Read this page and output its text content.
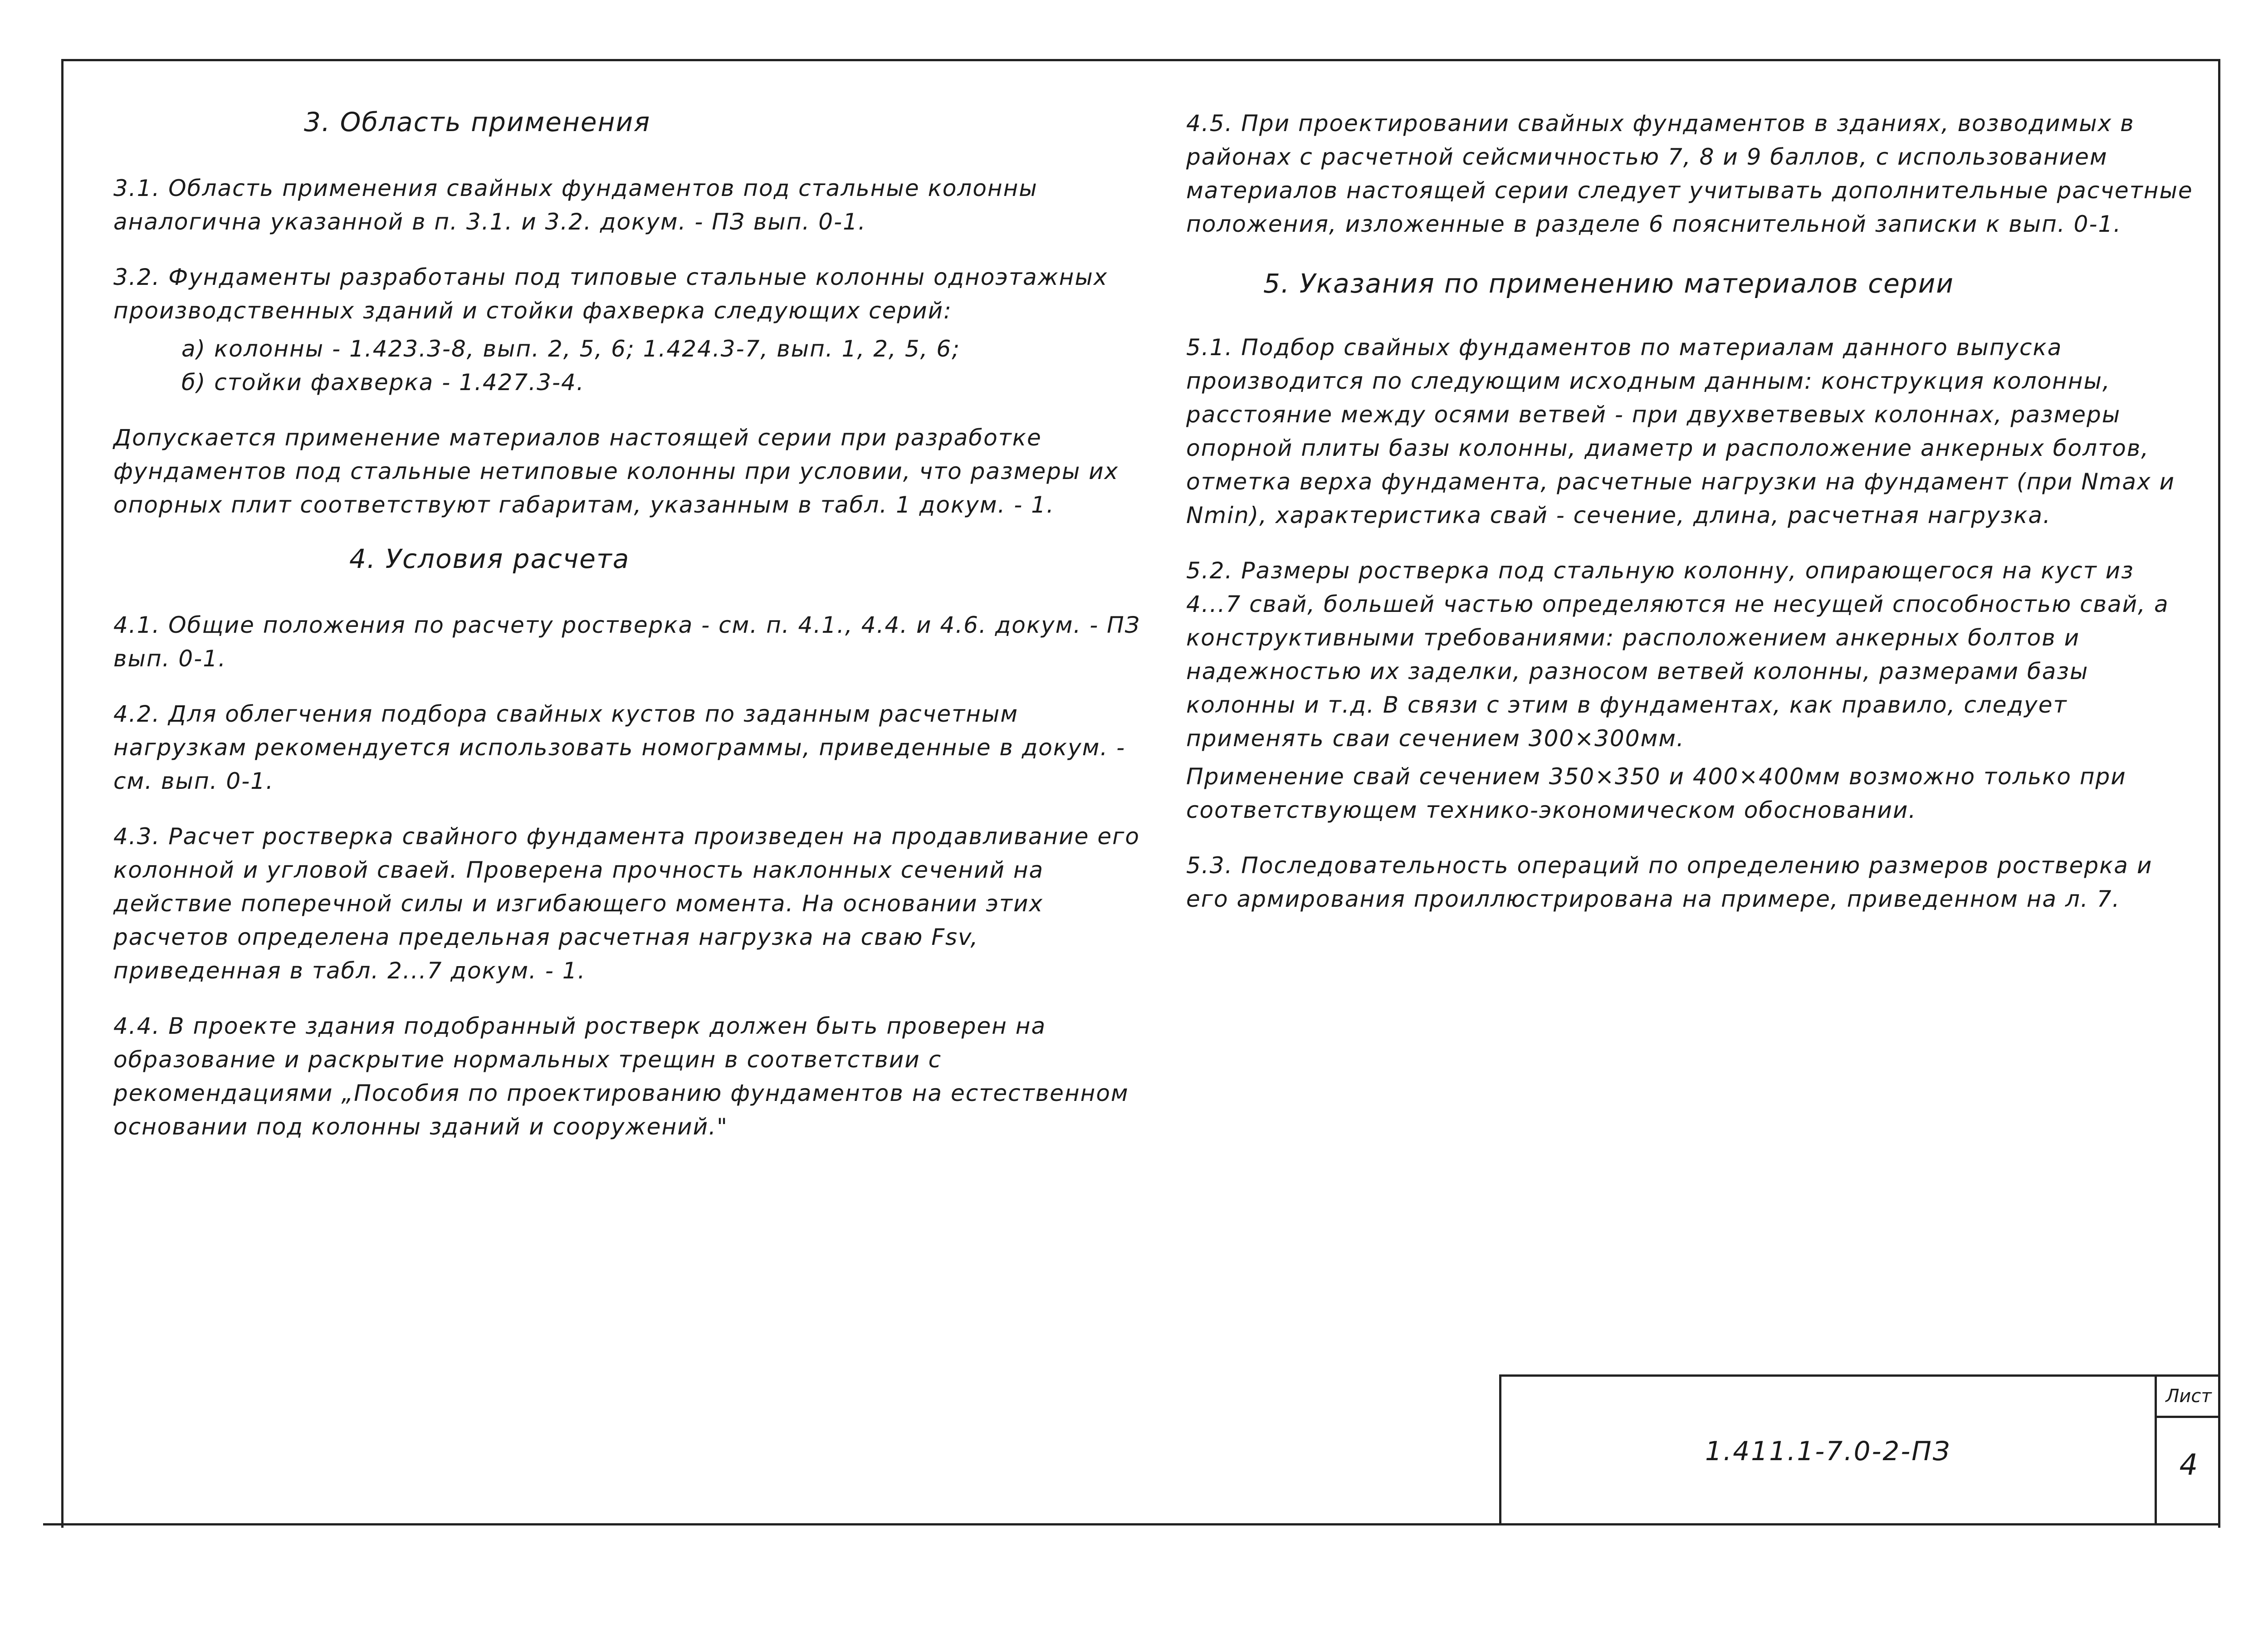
3. Область применения

3.1. Область применения свайных фундаментов под стальные колонны аналогична указанной в п. 3.1. и 3.2. докум. - ПЗ вып. 0-1.

3.2. Фундаменты разработаны под типовые стальные колонны одноэтажных производственных зданий и стойки фахверка следующих серий:

а) колонны - 1.423.3-8, вып. 2, 5, 6; 1.424.3-7, вып. 1, 2, 5, 6;

б) стойки фахверка - 1.427.3-4.

Допускается применение материалов настоящей серии при разработке фундаментов под стальные нетиповые колонны при условии, что размеры их опорных плит соответствуют габаритам, указанным в табл. 1 докум. - 1.

4. Условия расчета

4.1. Общие положения по расчету ростверка - см. п. 4.1., 4.4. и 4.6. докум. - ПЗ вып. 0-1.

4.2. Для облегчения подбора свайных кустов по заданным расчетным нагрузкам рекомендуется использовать номограммы, приведенные в докум. - см. вып. 0-1.

4.3. Расчет ростверка свайного фундамента произведен на продавливание его колонной и угловой сваей. Проверена прочность наклонных сечений на действие поперечной силы и изгибающего момента. На основании этих расчетов определена предельная расчетная нагрузка на сваю Fsv, приведенная в табл. 2...7 докум. - 1.

4.4. В проекте здания подобранный ростверк должен быть проверен на образование и раскрытие нормальных трещин в соответствии с рекомендациями „Пособия по проектированию фундаментов на естественном основании под колонны зданий и сооружений."

4.5. При проектировании свайных фундаментов в зданиях, возводимых в районах с расчетной сейсмичностью 7, 8 и 9 баллов, с использованием материалов настоящей серии следует учитывать дополнительные расчетные положения, изложенные в разделе 6 пояснительной записки к вып. 0-1.

5. Указания по применению материалов серии

5.1. Подбор свайных фундаментов по материалам данного выпуска производится по следующим исходным данным: конструкция колонны, расстояние между осями ветвей - при двухветвевых колоннах, размеры опорной плиты базы колонны, диаметр и расположение анкерных болтов, отметка верха фундамента, расчетные нагрузки на фундамент (при Nmax и Nmin), характеристика свай - сечение, длина, расчетная нагрузка.

5.2. Размеры ростверка под стальную колонну, опирающегося на куст из 4...7 свай, большей частью определяются не несущей способностью свай, а конструктивными требованиями: расположением анкерных болтов и надежностью их заделки, разносом ветвей колонны, размерами базы колонны и т.д. В связи с этим в фундаментах, как правило, следует применять сваи сечением 300×300мм.

Применение свай сечением 350×350 и 400×400мм возможно только при соответствующем технико-экономическом обосновании.

5.3. Последовательность операций по определению размеров ростверка и его армирования проиллюстрирована на примере, приведенном на л. 7.

1.411.1-7.0-2-ПЗ
Лист
4
